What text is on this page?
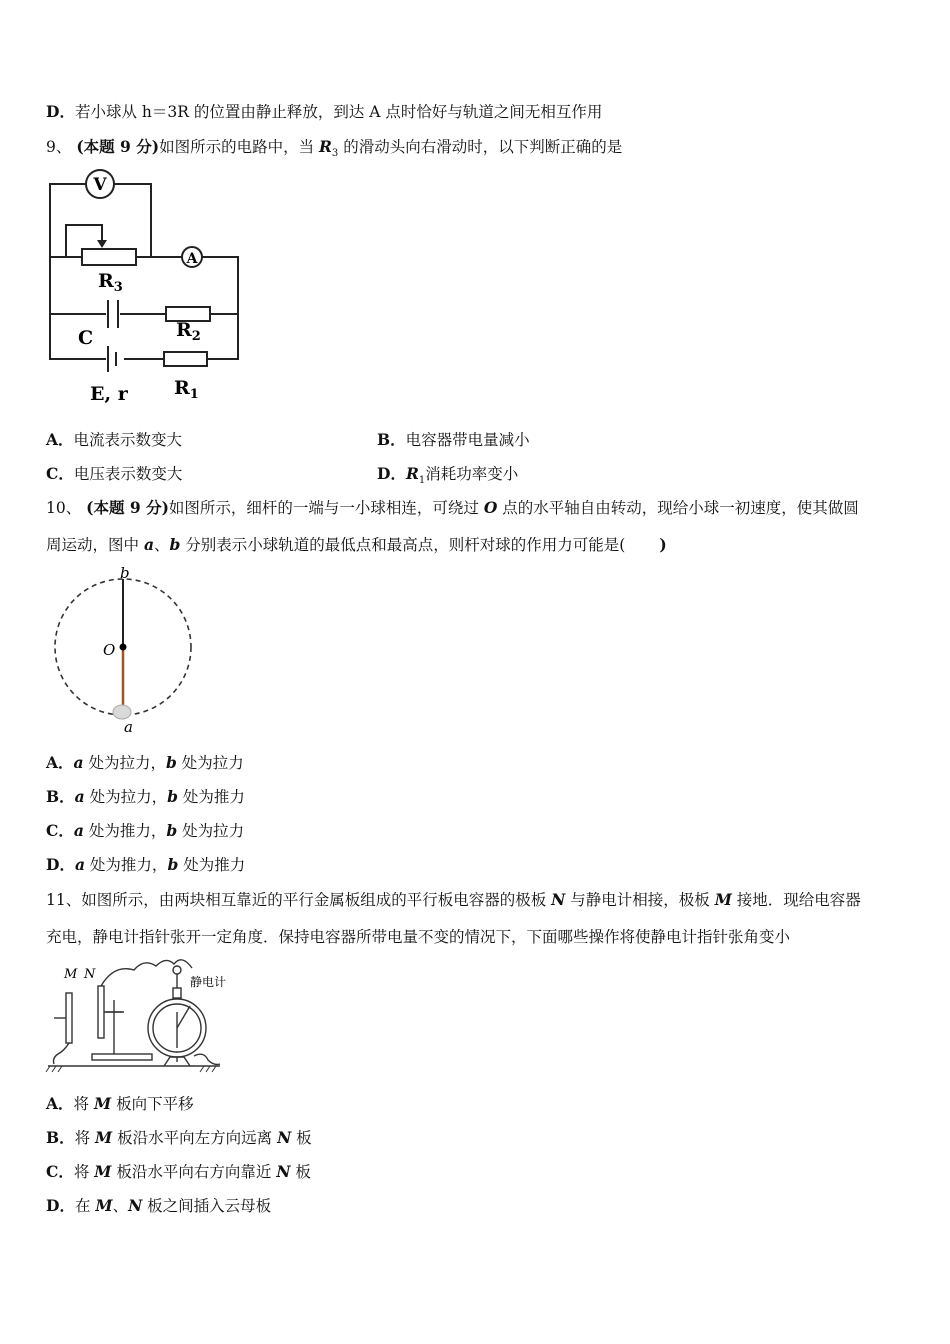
D．若小球从 h＝3R 的位置由静止释放，到达 A 点时恰好与轨道之间无相互作用
9、 (本题 9 分)如图所示的电路中，当 $R_3$ 的滑动头向右滑动时，以下判断正确的是
V
A
$R_3$
C	$R_2$
E, r $R_1$
A．电流表示数变大	B．电容器带电量减小
C．电压表示数变大	D．$R_1$消耗功率变小
10、 (本题 9 分)如图所示，细杆的一端与一小球相连，可绕过 O 点的水平轴自由转动，现给小球一初速度，使其做圆
周运动，图中 a、b 分别表示小球轨道的最低点和最高点，则杆对球的作用力可能是( )
b
O
a
A．a 处为拉力，b 处为拉力
B．a 处为拉力，b 处为推力
C．a 处为推力，b 处为拉力
D．a 处为推力，b 处为推力
11、如图所示，由两块相互靠近的平行金属板组成的平行板电容器的极板 N 与静电计相接，极板 M 接地．现给电容器
充电，静电计指针张开一定角度．保持电容器所带电量不变的情况下，下面哪些操作将使静电计指针张角变小
M N	静电计
A．将 M 板向下平移
B．将 M 板沿水平向左方向远离 N 板
C．将 M 板沿水平向右方向靠近 N 板
D．在 M、N 板之间插入云母板
